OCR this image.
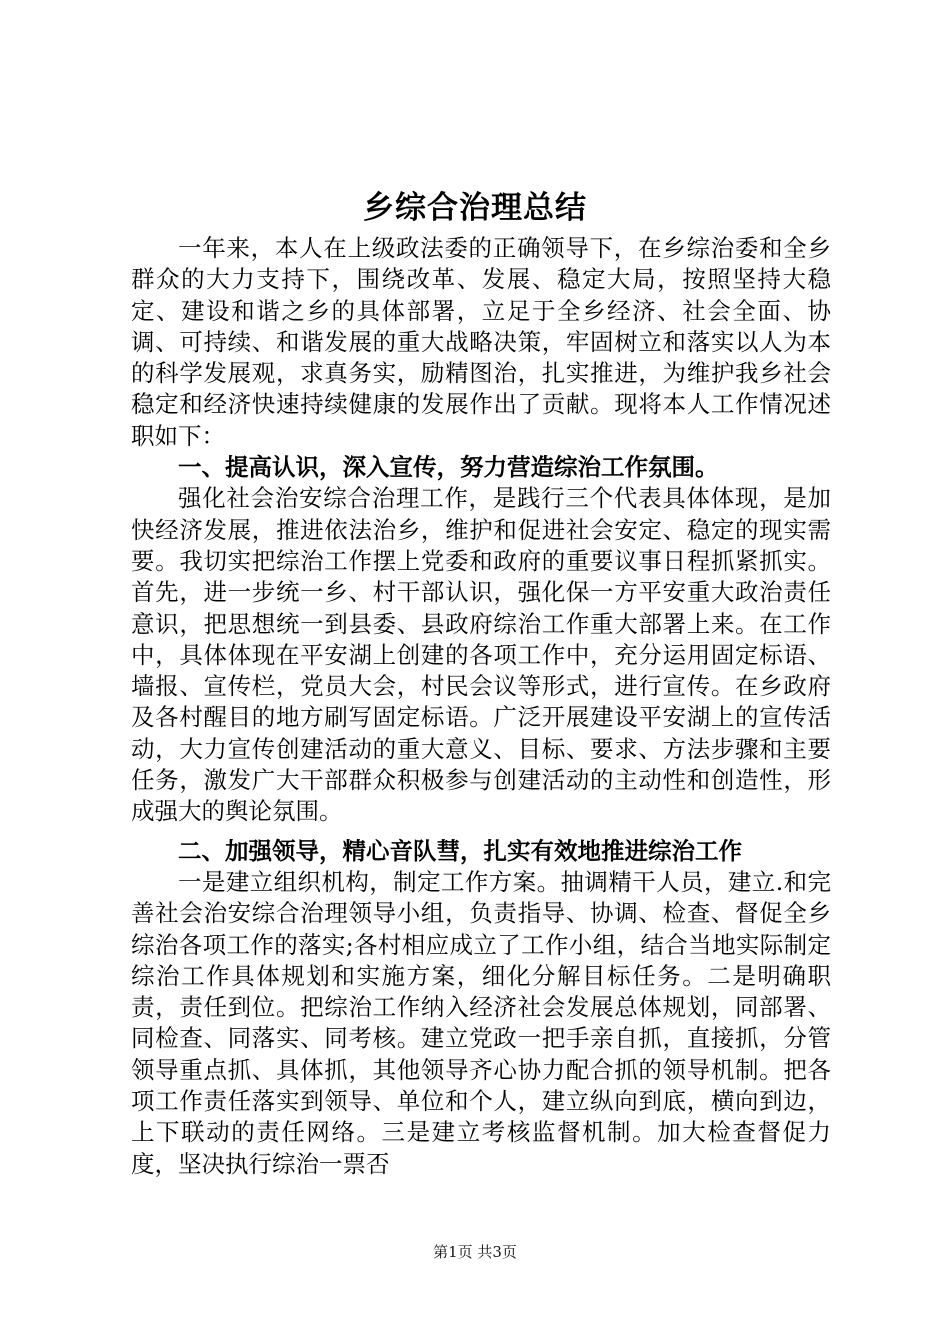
乡综合治理总结

一年来，本人在上级政法委的正确领导下，在乡综治委和全乡群众的大力支持下，围绕改革、发展、稳定大局，按照坚持大稳定、建设和谐之乡的具体部署，立足于全乡经济、社会全面、协调、可持续、和谐发展的重大战略决策，牢固树立和落实以人为本的科学发展观，求真务实，励精图治，扎实推进，为维护我乡社会稳定和经济快速持续健康的发展作出了贡献。现将本人工作情况述职如下：

一、提高认识，深入宣传，努力营造综治工作氛围。

强化社会治安综合治理工作，是践行三个代表具体体现，是加快经济发展，推进依法治乡，维护和促进社会安定、稳定的现实需要。我切实把综治工作摆上党委和政府的重要议事日程抓紧抓实。首先，进一步统一乡、村干部认识，强化保一方平安重大政治责任意识，把思想统一到县委、县政府综治工作重大部署上来。在工作中，具体体现在平安湖上创建的各项工作中，充分运用固定标语、墙报、宣传栏，党员大会，村民会议等形式，进行宣传。在乡政府及各村醒目的地方刷写固定标语。广泛开展建设平安湖上的宣传活动，大力宣传创建活动的重大意义、目标、要求、方法步骤和主要任务，激发广大干部群众积极参与创建活动的主动性和创造性，形成强大的舆论氛围。

二、加强领导，精心音队彗，扎实有效地推进综治工作

一是建立组织机构，制定工作方案。抽调精干人员，建立.和完善社会治安综合治理领导小组，负责指导、协调、检查、督促全乡综治各项工作的落实;各村相应成立了工作小组，结合当地实际制定综治工作具体规划和实施方案，细化分解目标任务。二是明确职责，责任到位。把综治工作纳入经济社会发展总体规划，同部署、同检查、同落实、同考核。建立党政一把手亲自抓，直接抓，分管领导重点抓、具体抓，其他领导齐心协力配合抓的领导机制。把各项工作责任落实到领导、单位和个人，建立纵向到底，横向到边，上下联动的责任网络。三是建立考核监督机制。加大检查督促力度，坚决执行综治一票否

第1页 共3页
